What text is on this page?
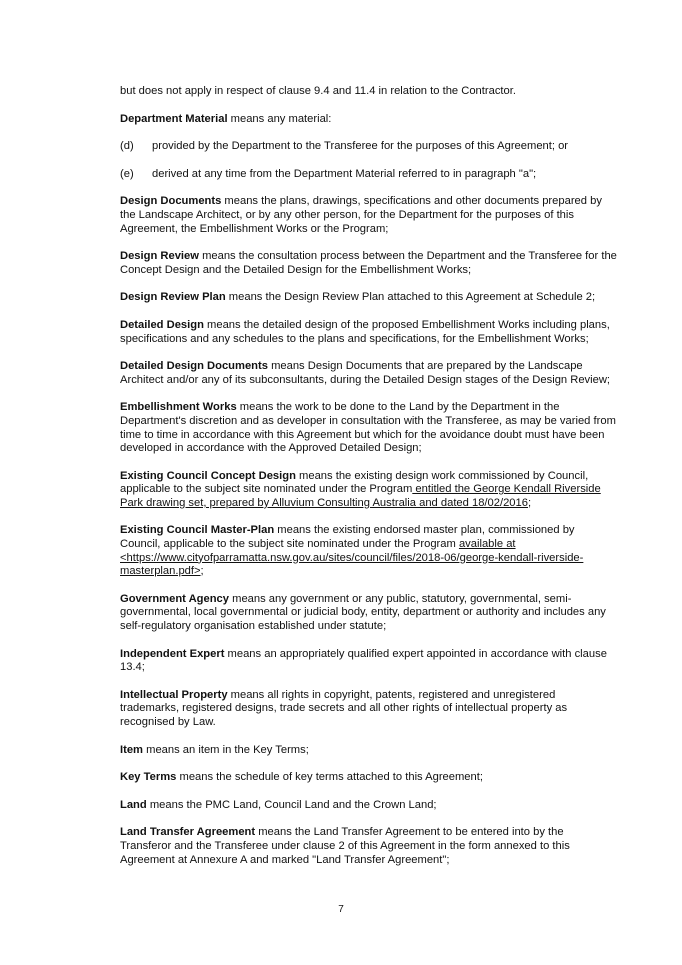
but does not apply in respect of clause 9.4 and 11.4 in relation to the Contractor.

Department Material means any material:

(d)	provided by the Department to the Transferee for the purposes of this Agreement; or
(e)	derived at any time from the Department Material referred to in paragraph "a";

Design Documents means the plans, drawings, specifications and other documents prepared by the Landscape Architect, or by any other person, for the Department for the purposes of this Agreement, the Embellishment Works or the Program;

Design Review means the consultation process between the Department and the Transferee for the Concept Design and the Detailed Design for the Embellishment Works;

Design Review Plan means the Design Review Plan attached to this Agreement at Schedule 2;

Detailed Design means the detailed design of the proposed Embellishment Works including plans, specifications and any schedules to the plans and specifications, for the Embellishment Works;

Detailed Design Documents means Design Documents that are prepared by the Landscape Architect and/or any of its subconsultants, during the Detailed Design stages of the Design Review;

Embellishment Works means the work to be done to the Land by the Department in the Department's discretion and as developer in consultation with the Transferee, as may be varied from time to time in accordance with this Agreement but which for the avoidance doubt must have been developed in accordance with the Approved Detailed Design;

Existing Council Concept Design means the existing design work commissioned by Council, applicable to the subject site nominated under the Program entitled the George Kendall Riverside Park drawing set, prepared by Alluvium Consulting Australia and dated 18/02/2016;

Existing Council Master-Plan means the existing endorsed master plan, commissioned by Council, applicable to the subject site nominated under the Program available at <https://www.cityofparramatta.nsw.gov.au/sites/council/files/2018-06/george-kendall-riverside-masterplan.pdf>;

Government Agency means any government or any public, statutory, governmental, semi-governmental, local governmental or judicial body, entity, department or authority and includes any self-regulatory organisation established under statute;

Independent Expert means an appropriately qualified expert appointed in accordance with clause 13.4;

Intellectual Property means all rights in copyright, patents, registered and unregistered trademarks, registered designs, trade secrets and all other rights of intellectual property as recognised by Law.

Item means an item in the Key Terms;

Key Terms means the schedule of key terms attached to this Agreement;

Land means the PMC Land, Council Land and the Crown Land;

Land Transfer Agreement means the Land Transfer Agreement to be entered into by the Transferor and the Transferee under clause 2 of this Agreement in the form annexed to this Agreement at Annexure A and marked "Land Transfer Agreement";

7
